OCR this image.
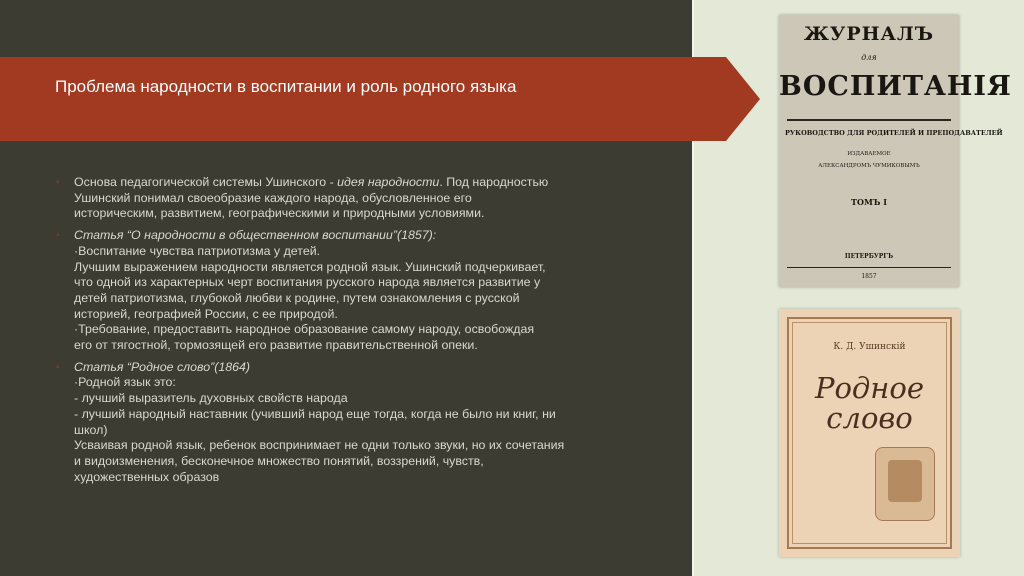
Проблема народности в воспитании и роль родного языка
◦ Основа педагогической системы Ушинского - идея народности. Под народностью
Ушинский понимал своеобразие каждого народа, обусловленное его
историческим, развитием, географическими и природными условиями.
◦ Статья “О народности в общественном воспитании”(1857):
·Воспитание чувства патриотизма у детей.
Лучшим выражением народности является родной язык. Ушинский подчеркивает,
что одной из характерных черт воспитания русского народа является развитие у
детей патриотизма, глубокой любви к родине, путем ознакомления с русской
историей, географией России, с ее природой.
·Требование, предоставить народное образование самому народу, освобождая
его от тягостной, тормозящей его развитие правительственной опеки.
◦ Статья “Родное слово”(1864)
·Родной язык это:
- лучший выразитель духовных свойств народа
- лучший народный наставник (учивший народ еще тогда, когда не было ни книг, ни
школ)
Усваивая родной язык, ребенок воспринимает не одни только звуки, но их сочетания
и видоизменения, бесконечное множество понятий, воззрений, чувств,
художественных образов
ЖУРНАЛЪ
для
ВОСПИТАНІЯ
РУКОВОДСТВО ДЛЯ РОДИТЕЛЕЙ И ПРЕПОДАВАТЕЛЕЙ
ИЗДАВАЕМОЕ
АЛЕКСАНДРОМЪ ЧУМИКОВЫМЪ
ТОМЪ I
ПЕТЕРБУРГЪ
1857
К. Д. Ушинскій
Родное
слово
